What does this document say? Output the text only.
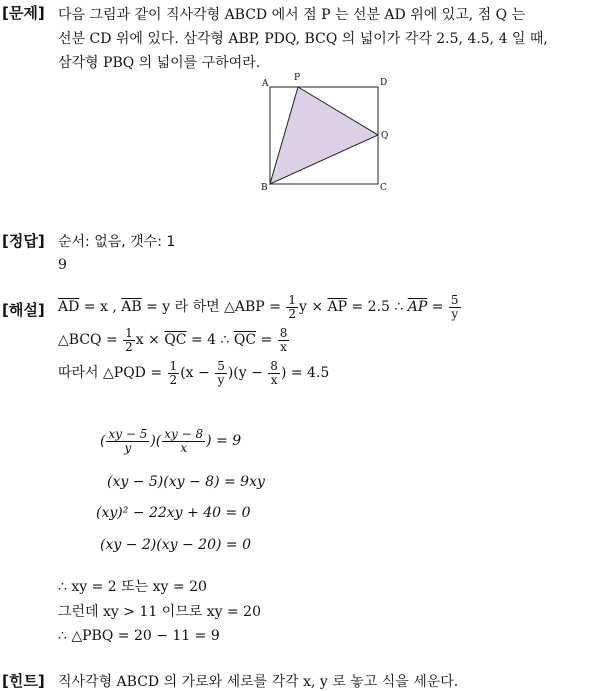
[문제] 다음 그림과 같이 직사각형 ABCD 에서 점 P 는 선분 AD 위에 있고, 점 Q 는
선분 CD 위에 있다. 삼각형 ABP, PDQ, BCQ 의 넓이가 각각 2.5, 4.5, 4 일 때,
삼각형 PBQ 의 넓이를 구하여라.
A
P	D
Q
B	C
[정답] 순서: 없음, 갯수: 1
9
[해설] $\overline{AD} = x$ , $\overline{AB} = y$ 라 하면 △ABP = $\frac{1}{2}$ $y \times \overline{AP} = 2.5$ ∴ $\overline{AP} = \frac{5}{y}$
△BCQ = $\frac{1}{2}$ $x \times \overline{QC} = 4$ ∴ $\overline{QC} = \frac{8}{x}$
따라서 △PQD = $\frac{1}{2} (x - \frac{5}{y} )(y - \frac{8}{x}$ ) = 4.5
( $\frac{xy - 5}{y}$ )( $\frac{xy - 8}{x}$ ) = 9
(xy − 5)(xy − 8) = 9xy
(xy)² − 22xy + 40 = 0
(xy − 2)(xy − 20) = 0
∴ xy = 2 또는 xy = 20
그런데 xy > 11 이므로 xy = 20
∴ △PBQ = 20 − 11 = 9
[힌트] 직사각형 ABCD 의 가로와 세로를 각각 x, y 로 놓고 식을 세운다.
